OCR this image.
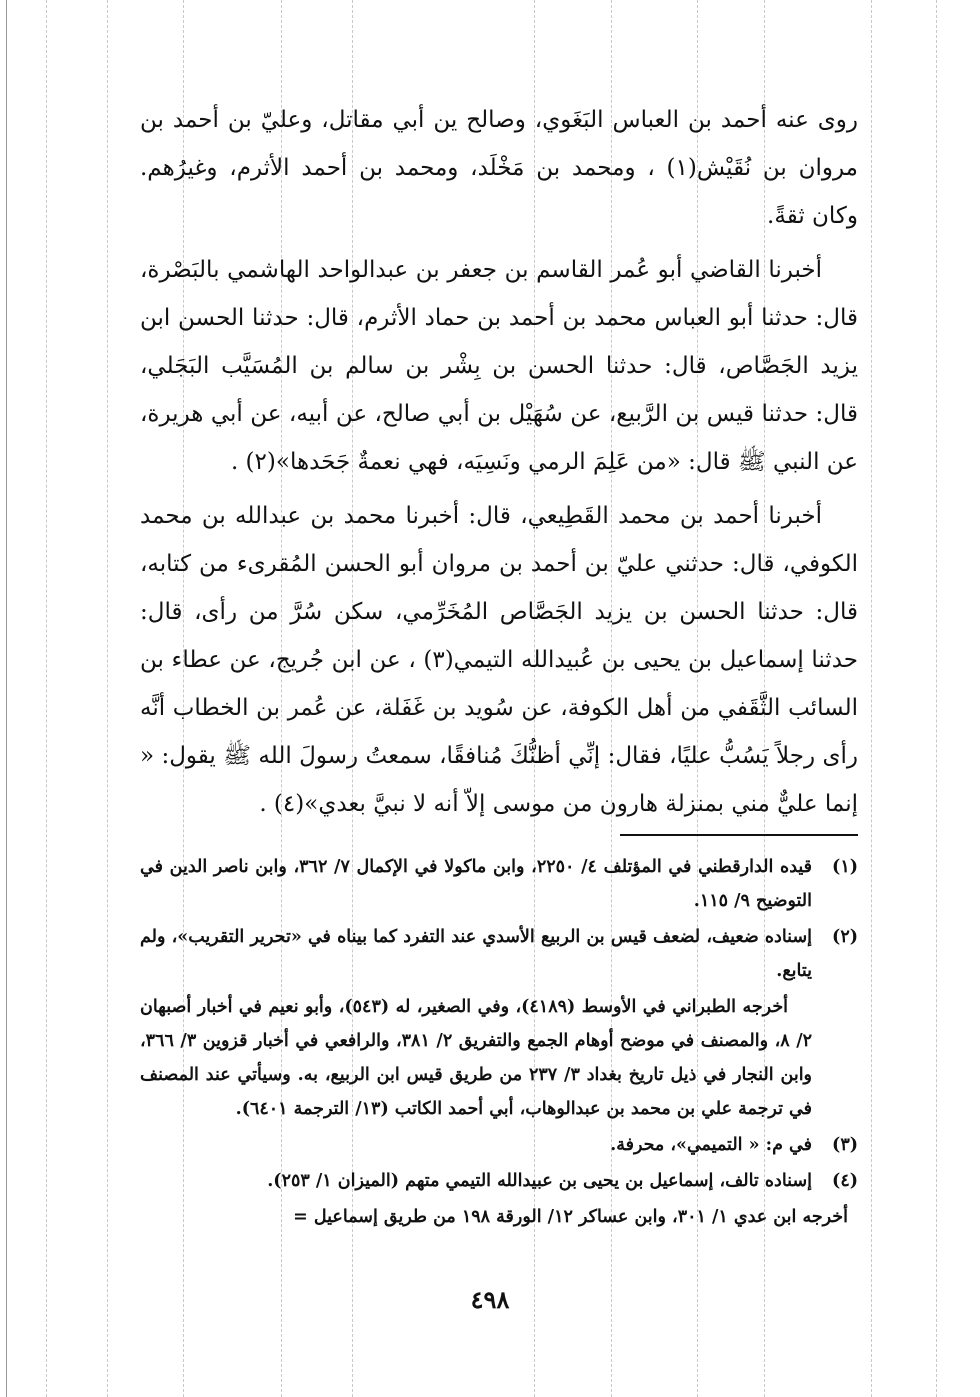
روى عنه أحمد بن العباس البَغَوي، وصالح ين أبي مقاتل، وعليّ بن أحمد بن مروان بن نُقَيْش(١) ، ومحمد بن مَخْلَد، ومحمد بن أحمد الأثرم، وغيرُهم. وكان ثقةً.

أخبرنا القاضي أبو عُمر القاسم بن جعفر بن عبدالواحد الهاشمي بالبَصْرة، قال: حدثنا أبو العباس محمد بن أحمد بن حماد الأثرم، قال: حدثنا الحسن ابن يزيد الجَصَّاص، قال: حدثنا الحسن بن بِشْر بن سالم بن المُسَيَّب البَجَلي، قال: حدثنا قيس بن الرَّبيع، عن سُهَيْل بن أبي صالح، عن أبيه، عن أبي هريرة، عن النبي ﷺ قال: «من عَلِمَ الرمي ونَسِيَه، فهي نعمةٌ جَحَدها»(٢) .

أخبرنا أحمد بن محمد القَطِيعي، قال: أخبرنا محمد بن عبدالله بن محمد الكوفي، قال: حدثني عليّ بن أحمد بن مروان أبو الحسن المُقرىء من كتابه، قال: حدثنا الحسن بن يزيد الجَصَّاص المُخَرِّمي، سكن سُرَّ من رأى، قال: حدثنا إسماعيل بن يحيى بن عُبيدالله التيمي(٣) ، عن ابن جُريج، عن عطاء بن السائب الثَّقَفي من أهل الكوفة، عن سُويد بن غَفَلة، عن عُمر بن الخطاب أنَّه رأى رجلاً يَسُبُّ عليًا، فقال: إنِّي أظنُّكَ مُنافقًا، سمعتُ رسولَ الله ﷺ يقول: « إنما عليٌّ مني بمنزلة هارون من موسى إلاّ أنه لا نبيَّ بعدي»(٤) .

(١)
قيده الدارقطني في المؤتلف ٤/ ٢٢٥٠، وابن ماكولا في الإكمال ٧/ ٣٦٢، وابن ناصر الدين في التوضيح ٩/ ١١٥.
(٢)
إسناده ضعيف، لضعف قيس بن الربيع الأسدي عند التفرد كما بيناه في «تحرير التقريب»، ولم يتابع.
أخرجه الطبراني في الأوسط (٤١٨٩)، وفي الصغير، له (٥٤٣)، وأبو نعيم في أخبار أصبهان ٢/ ٨، والمصنف في موضح أوهام الجمع والتفريق ٢/ ٣٨١، والرافعي في أخبار قزوين ٣/ ٣٦٦، وابن النجار في ذيل تاريخ بغداد ٣/ ٢٣٧ من طريق قيس ابن الربيع، به. وسيأتي عند المصنف في ترجمة علي بن محمد بن عبدالوهاب، أبي أحمد الكاتب (١٣/ الترجمة ٦٤٠١).
(٣)
في م: « التميمي»، محرفة.
(٤)
إسناده تالف، إسماعيل بن يحيى بن عبيدالله التيمي متهم (الميزان ١/ ٢٥٣).
أخرجه ابن عدي ١/ ٣٠١، وابن عساكر ١٢/ الورقة ١٩٨ من طريق إسماعيل =
٤٩٨
